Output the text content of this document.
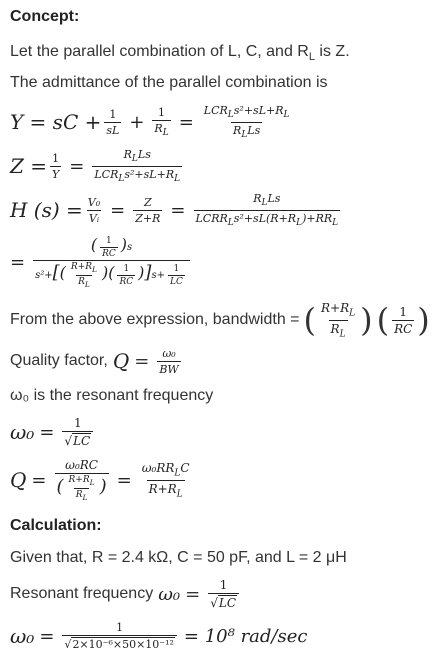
Concept:
Let the parallel combination of L, C, and $R_L$ is Z.
The admittance of the parallel combination is
Y = sC + $\frac{1}{sL} + \frac{1}{R_L} = \frac{LCR_Ls^2+sL+R_L}{R_LLs}$
$Z = \frac{1}{Y} = \frac{R_LLs}{LCR_Ls^2+sL+R_L}$
H $(s) = \frac{\text{V₀}}{\text{Vᵢ}} = \frac{Z}{Z+R} = \frac{R_LLs}{LCRR_Ls^2+sL(R+R_L)+RR_L}$
= $\frac{( \frac{1}{RC} )s}{s^2+[( \frac{R+R_L}{R_L} )( \frac{1}{RC} )]s+ \frac{1}{LC}}$
From the above expression, bandwidth = ( $\frac{R+R_L}{R_L}$ ) ( $\frac{1}{RC}$ )
Quality factor, $Q = \frac{\text{ω₀}}{BW}$
ω₀ is the resonant frequency
$\omega_0 = \frac{1}{√ LC}$
$Q = \frac{\text{ω₀RC}}{( \frac{R+R_L}{R_L} )} = \frac{\omega_0RR_LC}{R+R_L}$
Calculation:
Given that, R = 2.4 kΩ, C = 50 pF, and L = 2 μH
Resonant frequency $\omega_0 = \frac{1}{√ LC}$
$\omega_0 = \frac{1}{\text{√ 2×10⁻⁶×50×10⁻¹²}} = 10^8$ rad/sec
